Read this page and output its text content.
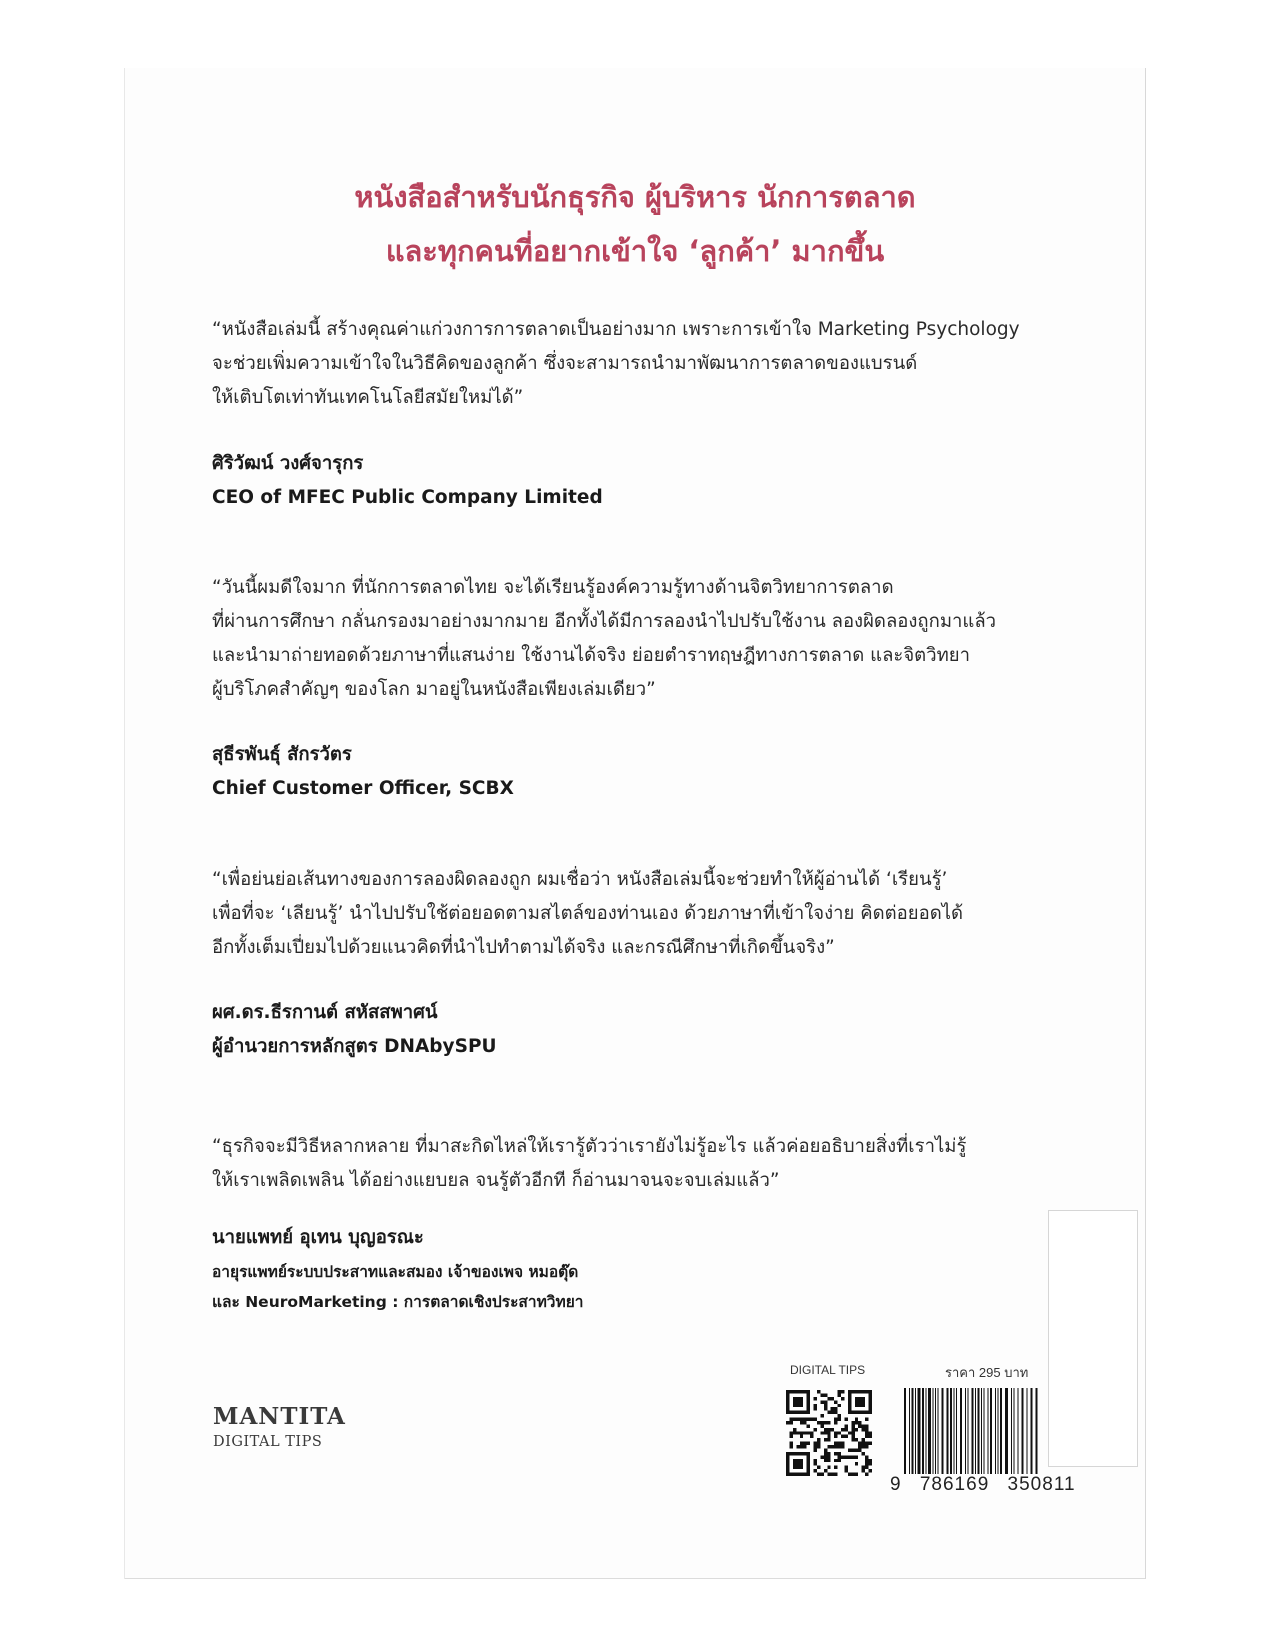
หนังสือสำหรับนักธุรกิจ ผู้บริหาร นักการตลาด
และทุกคนที่อยากเข้าใจ ‘ลูกค้า’ มากขึ้น
“หนังสือเล่มนี้ สร้างคุณค่าแก่วงการการตลาดเป็นอย่างมาก เพราะการเข้าใจ Marketing Psychology
จะช่วยเพิ่มความเข้าใจในวิธีคิดของลูกค้า ซึ่งจะสามารถนำมาพัฒนาการตลาดของแบรนด์
ให้เติบโตเท่าทันเทคโนโลยีสมัยใหม่ได้”
ศิริวัฒน์ วงศ์จารุกร
CEO of MFEC Public Company Limited
“วันนี้ผมดีใจมาก ที่นักการตลาดไทย จะได้เรียนรู้องค์ความรู้ทางด้านจิตวิทยาการตลาด
ที่ผ่านการศึกษา กลั่นกรองมาอย่างมากมาย อีกทั้งได้มีการลองนำไปปรับใช้งาน ลองผิดลองถูกมาแล้ว
และนำมาถ่ายทอดด้วยภาษาที่แสนง่าย ใช้งานได้จริง ย่อยตำราทฤษฎีทางการตลาด และจิตวิทยา
ผู้บริโภคสำคัญๆ ของโลก มาอยู่ในหนังสือเพียงเล่มเดียว”
สุธีรพันธุ์ สักรวัตร
Chief Customer Officer, SCBX
“เพื่อย่นย่อเส้นทางของการลองผิดลองถูก ผมเชื่อว่า หนังสือเล่มนี้จะช่วยทำให้ผู้อ่านได้ ‘เรียนรู้’
เพื่อที่จะ ‘เลียนรู้’ นำไปปรับใช้ต่อยอดตามสไตล์ของท่านเอง ด้วยภาษาที่เข้าใจง่าย คิดต่อยอดได้
อีกทั้งเต็มเปี่ยมไปด้วยแนวคิดที่นำไปทำตามได้จริง และกรณีศึกษาที่เกิดขึ้นจริง”
ผศ.ดร.ธีรกานต์ สหัสสพาศน์
ผู้อำนวยการหลักสูตร DNAbySPU
“ธุรกิจจะมีวิธีหลากหลาย ที่มาสะกิดไหล่ให้เรารู้ตัวว่าเรายังไม่รู้อะไร แล้วค่อยอธิบายสิ่งที่เราไม่รู้
ให้เราเพลิดเพลิน ได้อย่างแยบยล จนรู้ตัวอีกที ก็อ่านมาจนจะจบเล่มแล้ว”
นายแพทย์ อุเทน บุญอรณะ
อายุรแพทย์ระบบประสาทและสมอง เจ้าของเพจ หมอตุ๊ด
และ NeuroMarketing : การตลาดเชิงประสาทวิทยา
MANTITA
DIGITAL TIPS
DIGITAL TIPS	ราคา 295 บาท
9 786169 350811
